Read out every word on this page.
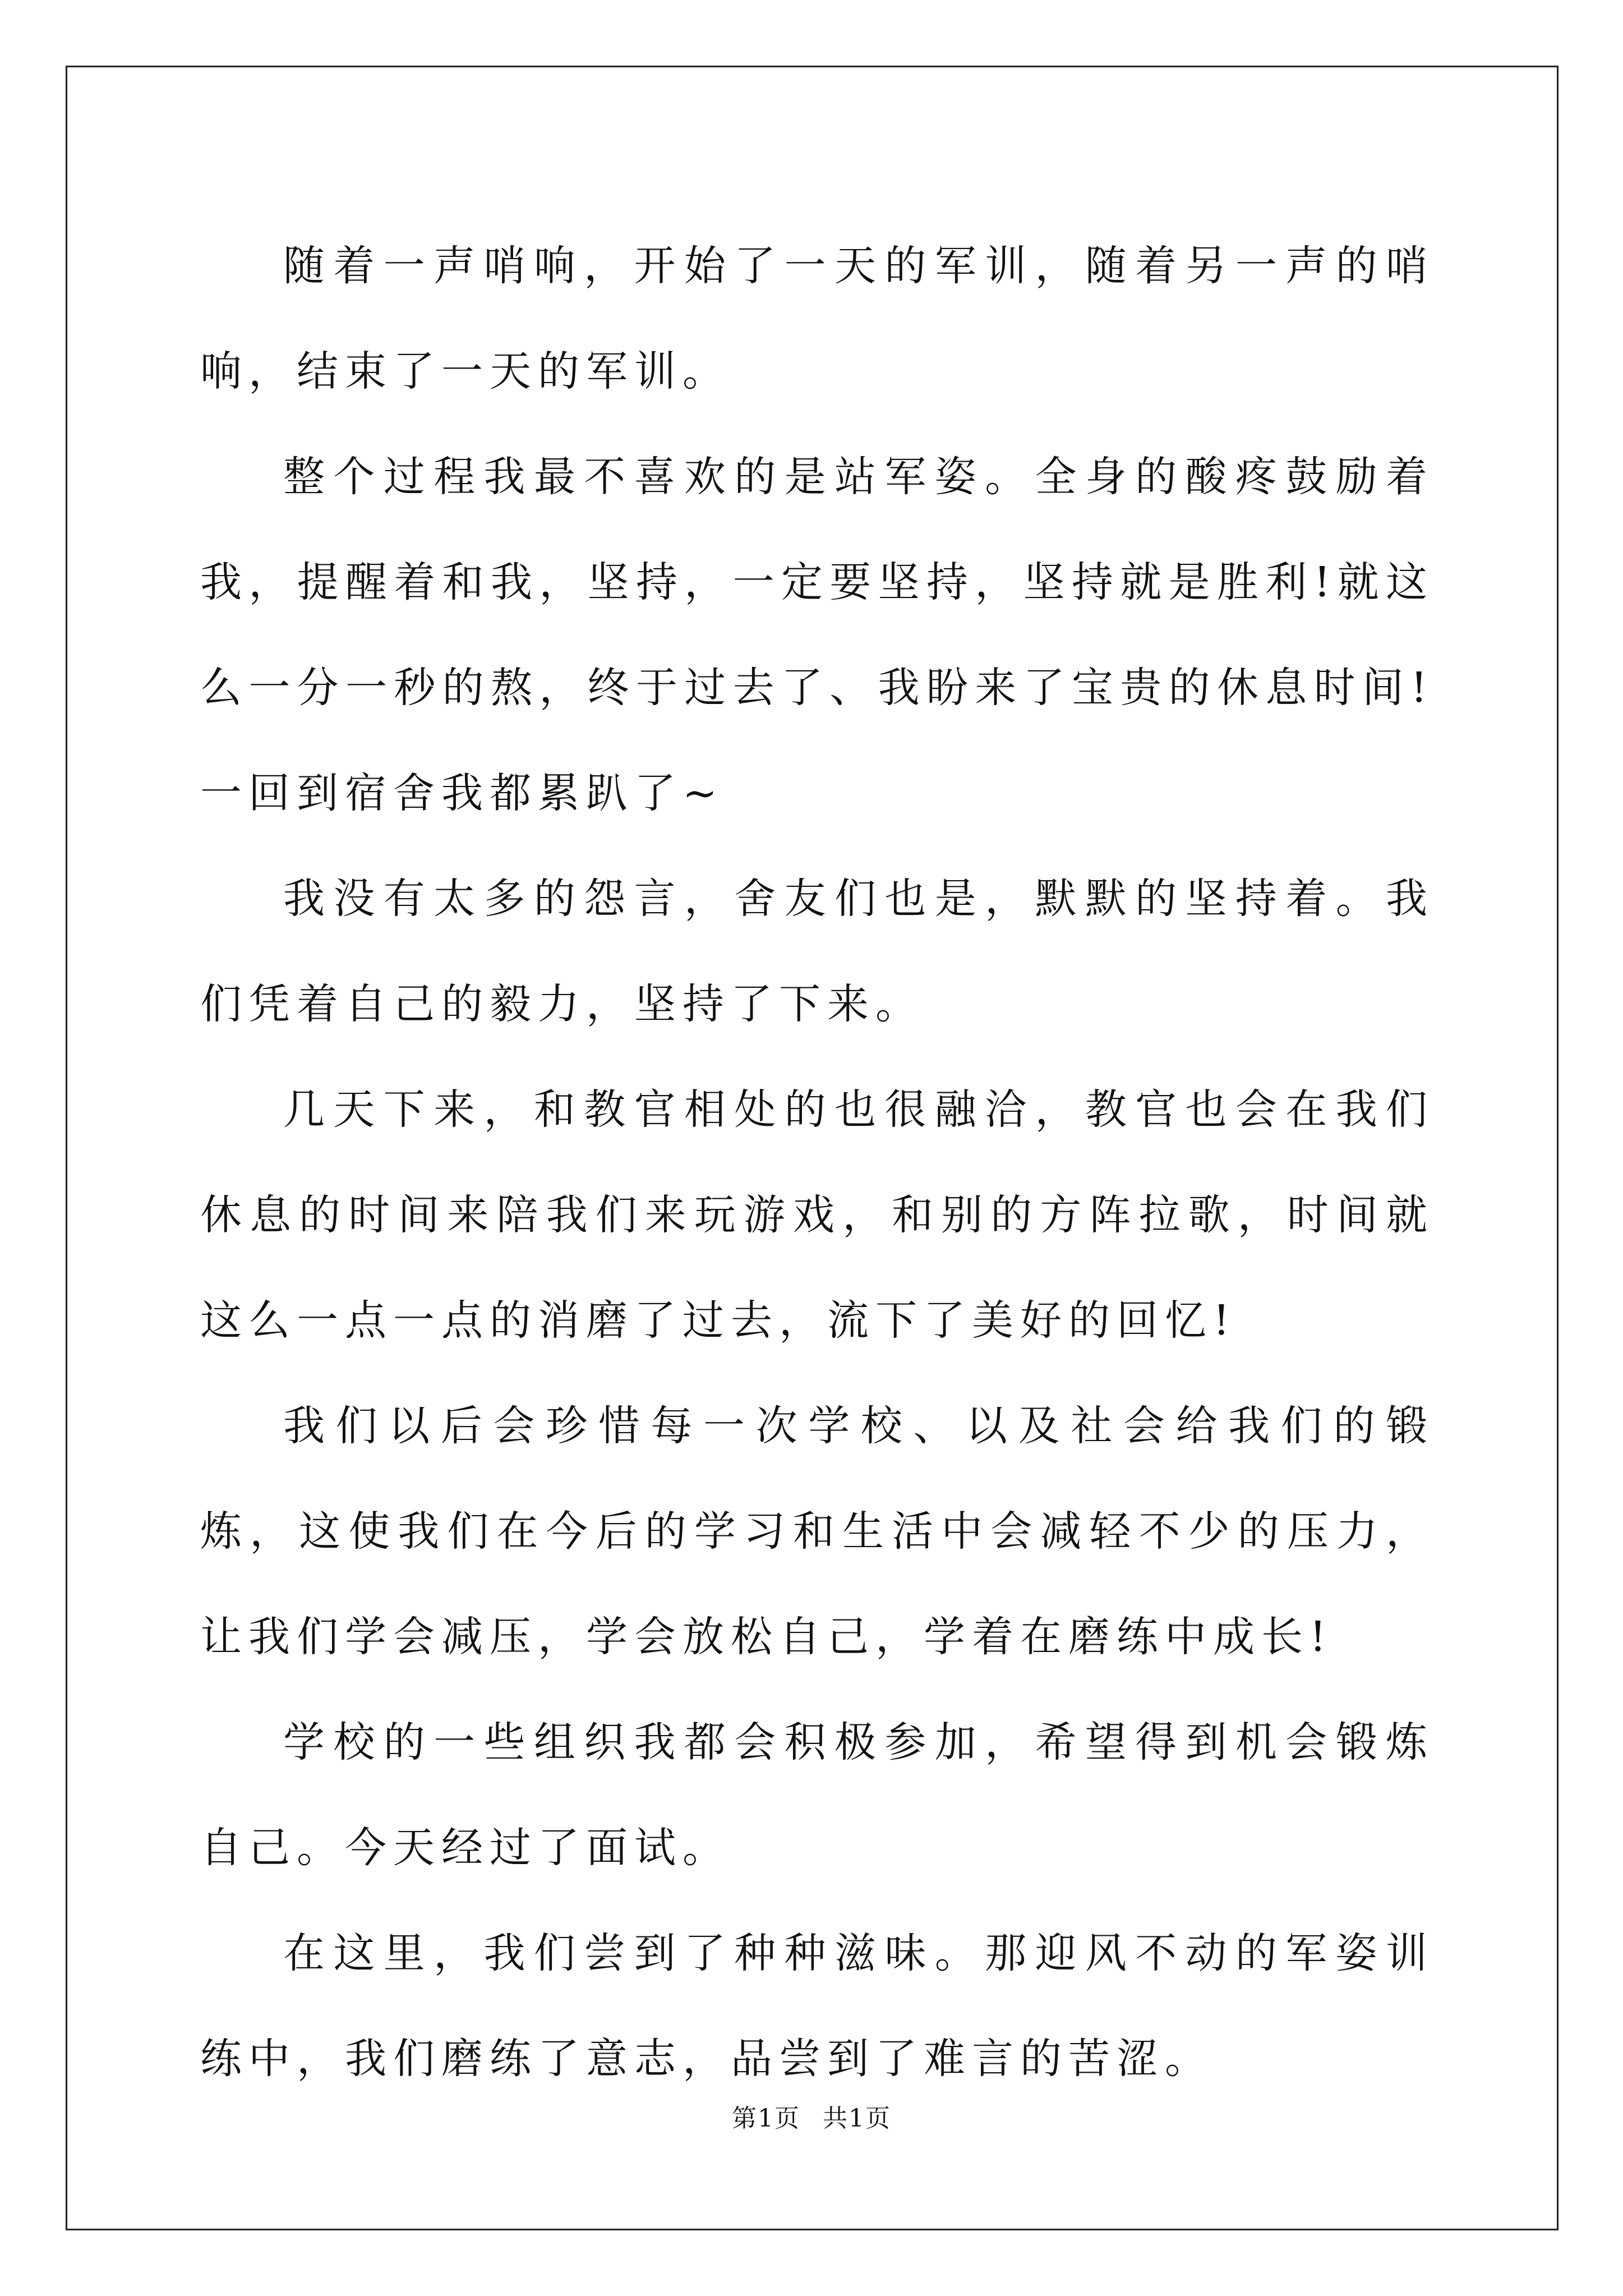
随着一声哨响，开始了一天的军训，随着另一声的哨响，结束了一天的军训。

整个过程我最不喜欢的是站军姿。全身的酸疼鼓励着我，提醒着和我，坚持，一定要坚持，坚持就是胜利!就这么一分一秒的熬，终于过去了、我盼来了宝贵的休息时间!一回到宿舍我都累趴了~

我没有太多的怨言，舍友们也是，默默的坚持着。我们凭着自己的毅力，坚持了下来。

几天下来，和教官相处的也很融洽，教官也会在我们休息的时间来陪我们来玩游戏，和别的方阵拉歌，时间就这么一点一点的消磨了过去，流下了美好的回忆!

我们以后会珍惜每一次学校、以及社会给我们的锻炼，这使我们在今后的学习和生活中会减轻不少的压力，让我们学会减压，学会放松自己，学着在磨练中成长!

学校的一些组织我都会积极参加，希望得到机会锻炼自己。今天经过了面试。

在这里，我们尝到了种种滋味。那迎风不动的军姿训练中，我们磨练了意志，品尝到了难言的苦涩。

第1页 共1页
